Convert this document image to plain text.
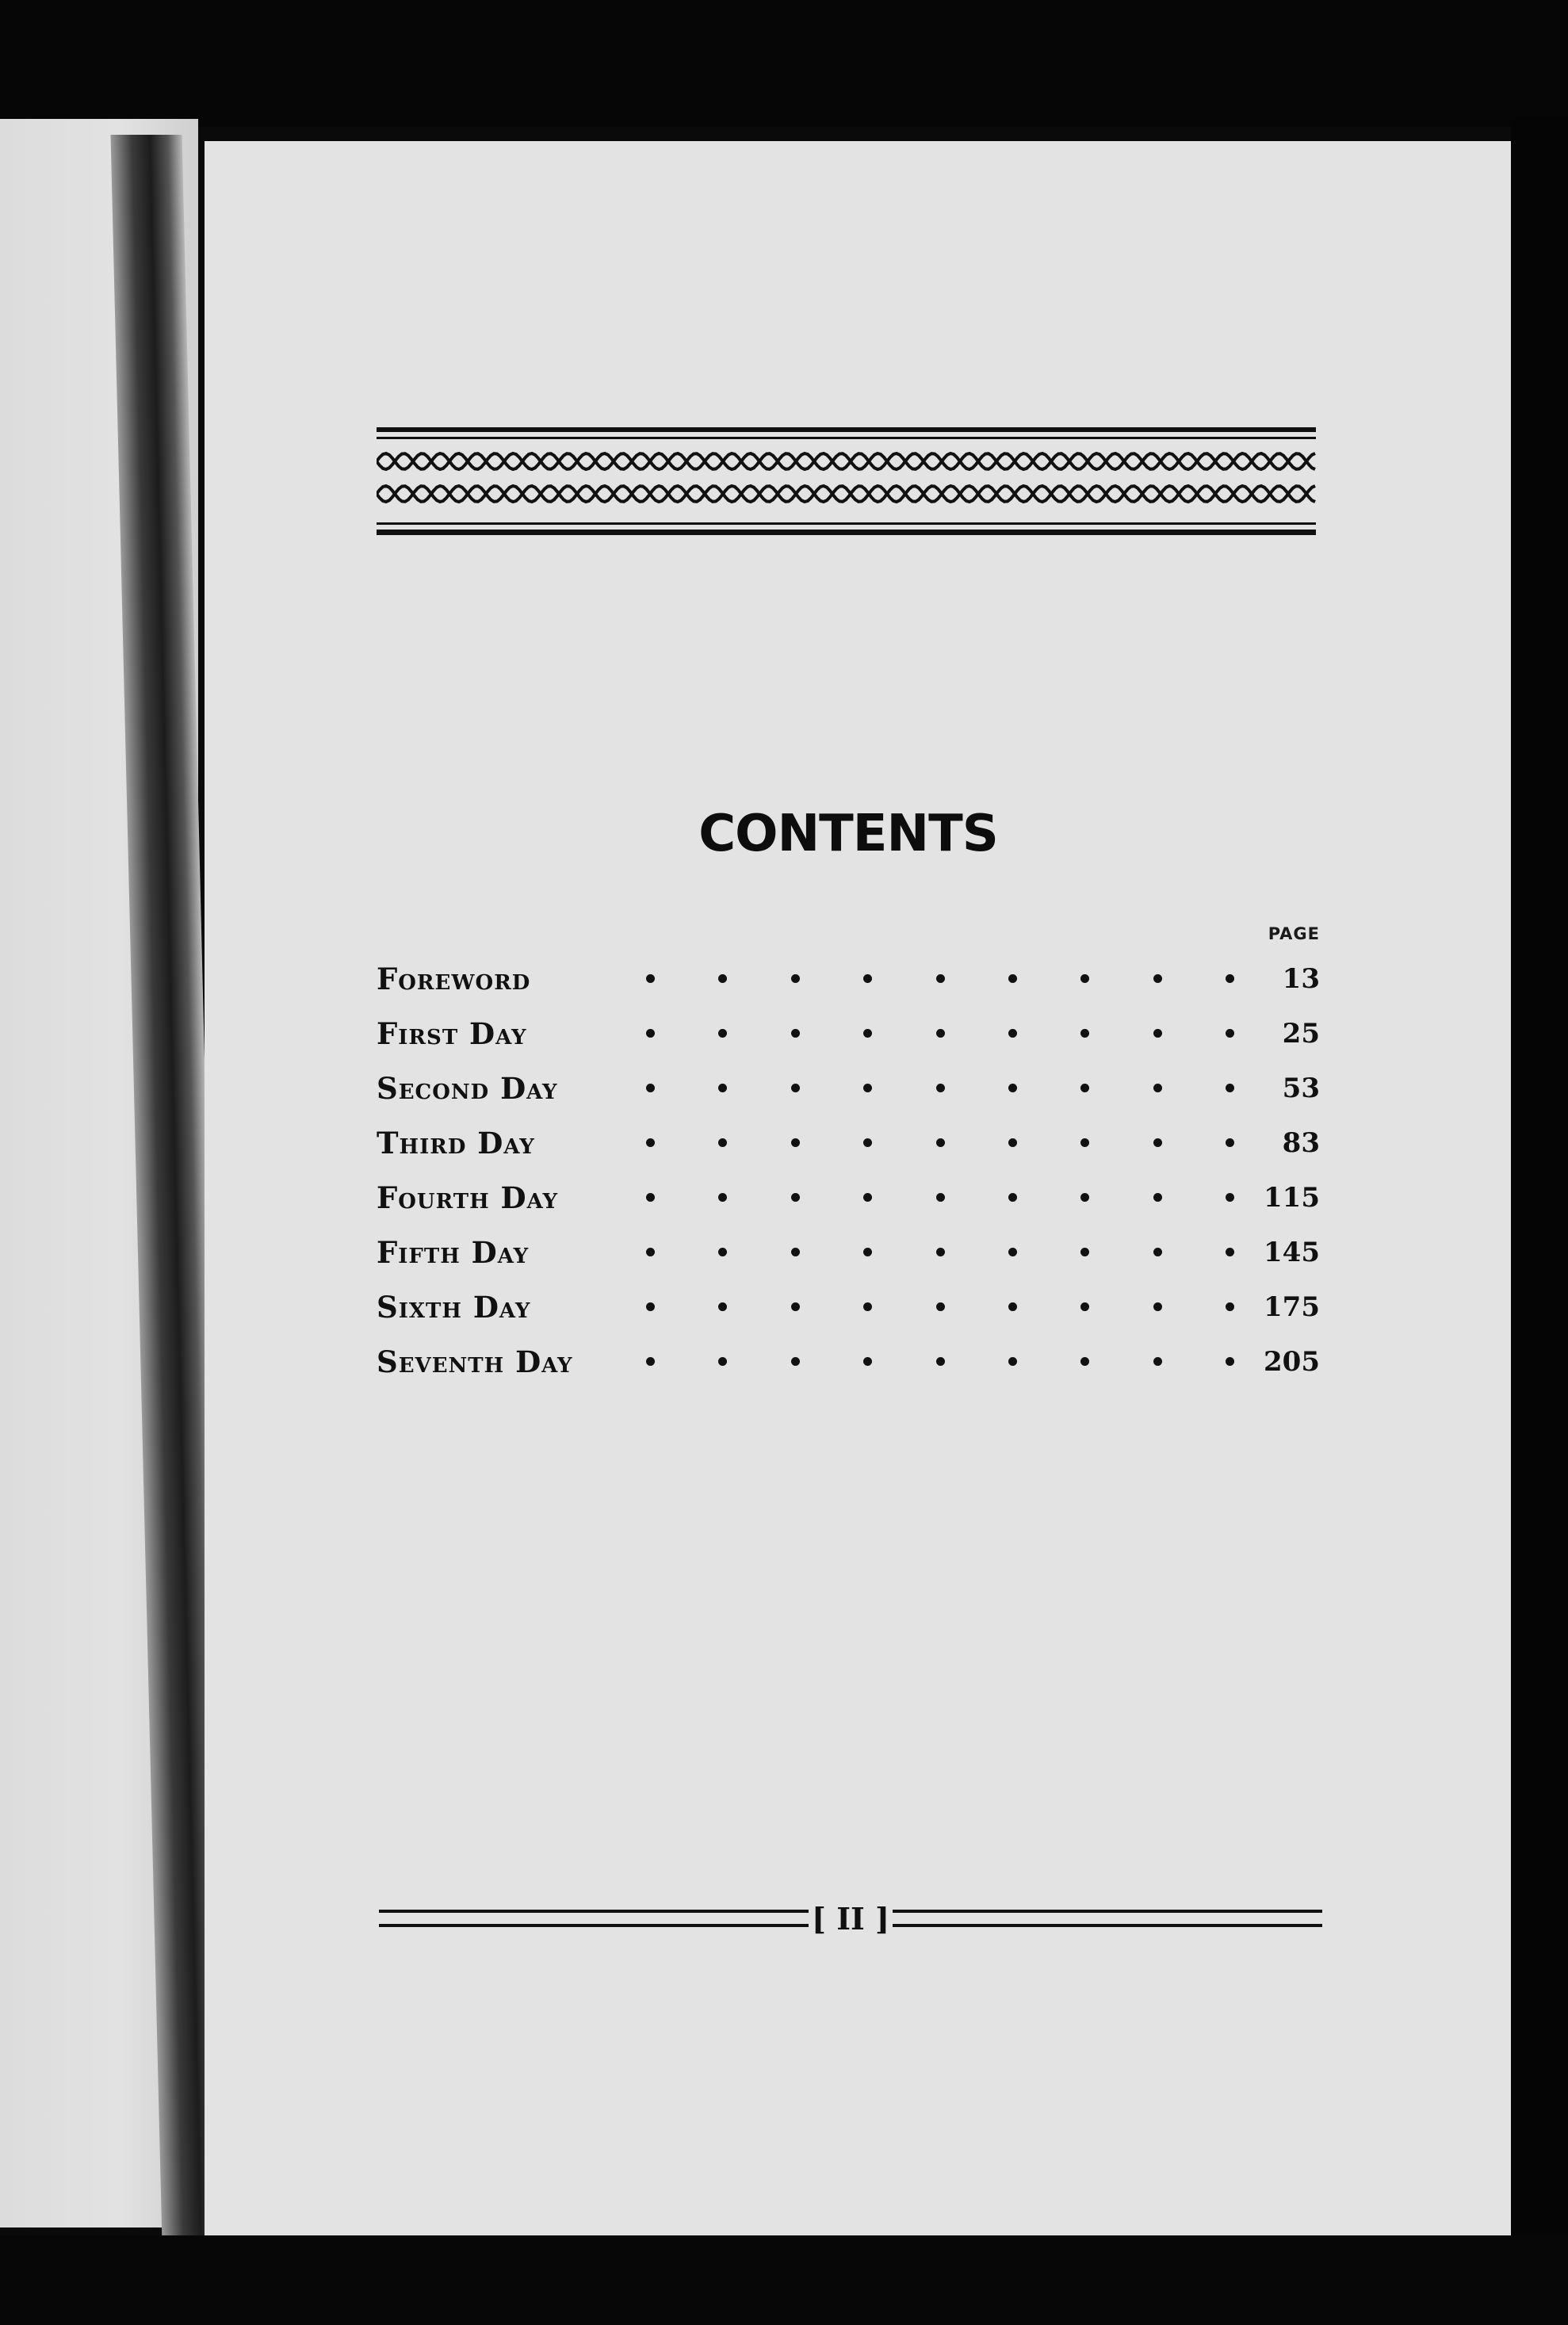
CONTENTS
PAGE
Foreword	13
First Day	25
Second Day	53
Third Day	83
Fourth Day	115
Fifth Day	145
Sixth Day	175
Seventh Day	205
[ II ]
